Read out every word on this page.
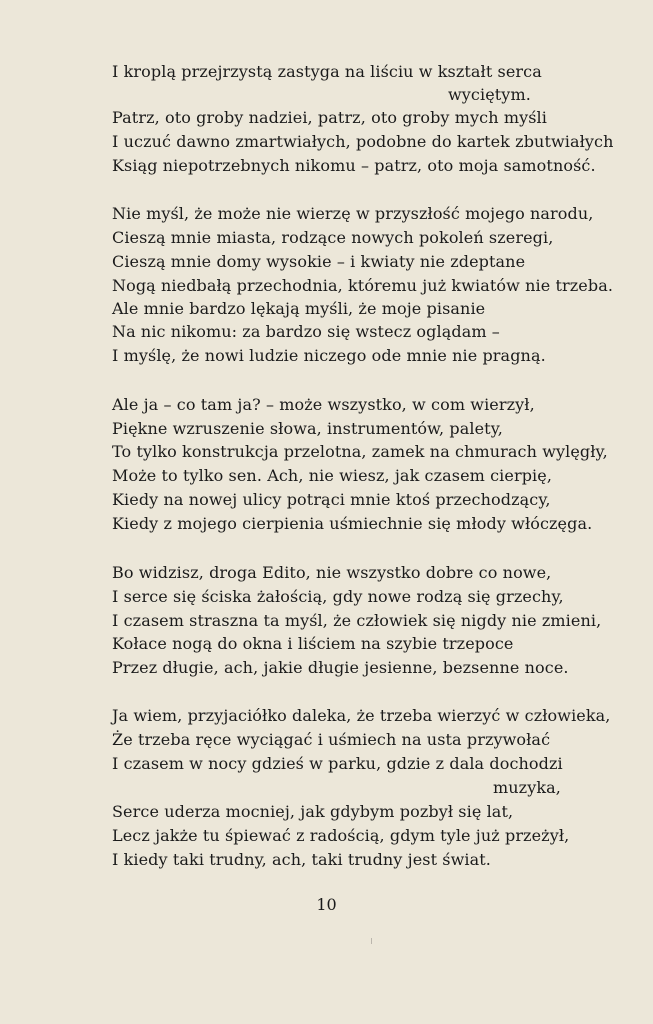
I kroplą przejrzystą zastyga na liściu w kształt serca
wyciętym.
Patrz, oto groby nadziei, patrz, oto groby mych myśli
I uczuć dawno zmartwiałych, podobne do kartek zbutwiałych
Ksiąg niepotrzebnych nikomu – patrz, oto moja samotność.
Nie myśl, że może nie wierzę w przyszłość mojego narodu,
Cieszą mnie miasta, rodzące nowych pokoleń szeregi,
Cieszą mnie domy wysokie – i kwiaty nie zdeptane
Nogą niedbałą przechodnia, któremu już kwiatów nie trzeba.
Ale mnie bardzo lękają myśli, że moje pisanie
Na nic nikomu: za bardzo się wstecz oglądam –
I myślę, że nowi ludzie niczego ode mnie nie pragną.
Ale ja – co tam ja? – może wszystko, w com wierzył,
Piękne wzruszenie słowa, instrumentów, palety,
To tylko konstrukcja przelotna, zamek na chmurach wylęgły,
Może to tylko sen. Ach, nie wiesz, jak czasem cierpię,
Kiedy na nowej ulicy potrąci mnie ktoś przechodzący,
Kiedy z mojego cierpienia uśmiechnie się młody włóczęga.
Bo widzisz, droga Edito, nie wszystko dobre co nowe,
I serce się ściska żałością, gdy nowe rodzą się grzechy,
I czasem straszna ta myśl, że człowiek się nigdy nie zmieni,
Kołace nogą do okna i liściem na szybie trzepoce
Przez długie, ach, jakie długie jesienne, bezsenne noce.
Ja wiem, przyjaciółko daleka, że trzeba wierzyć w człowieka,
Że trzeba ręce wyciągać i uśmiech na usta przywołać
I czasem w nocy gdzieś w parku, gdzie z dala dochodzi
muzyka,
Serce uderza mocniej, jak gdybym pozbył się lat,
Lecz jakże tu śpiewać z radością, gdym tyle już przeżył,
I kiedy taki trudny, ach, taki trudny jest świat.
10
